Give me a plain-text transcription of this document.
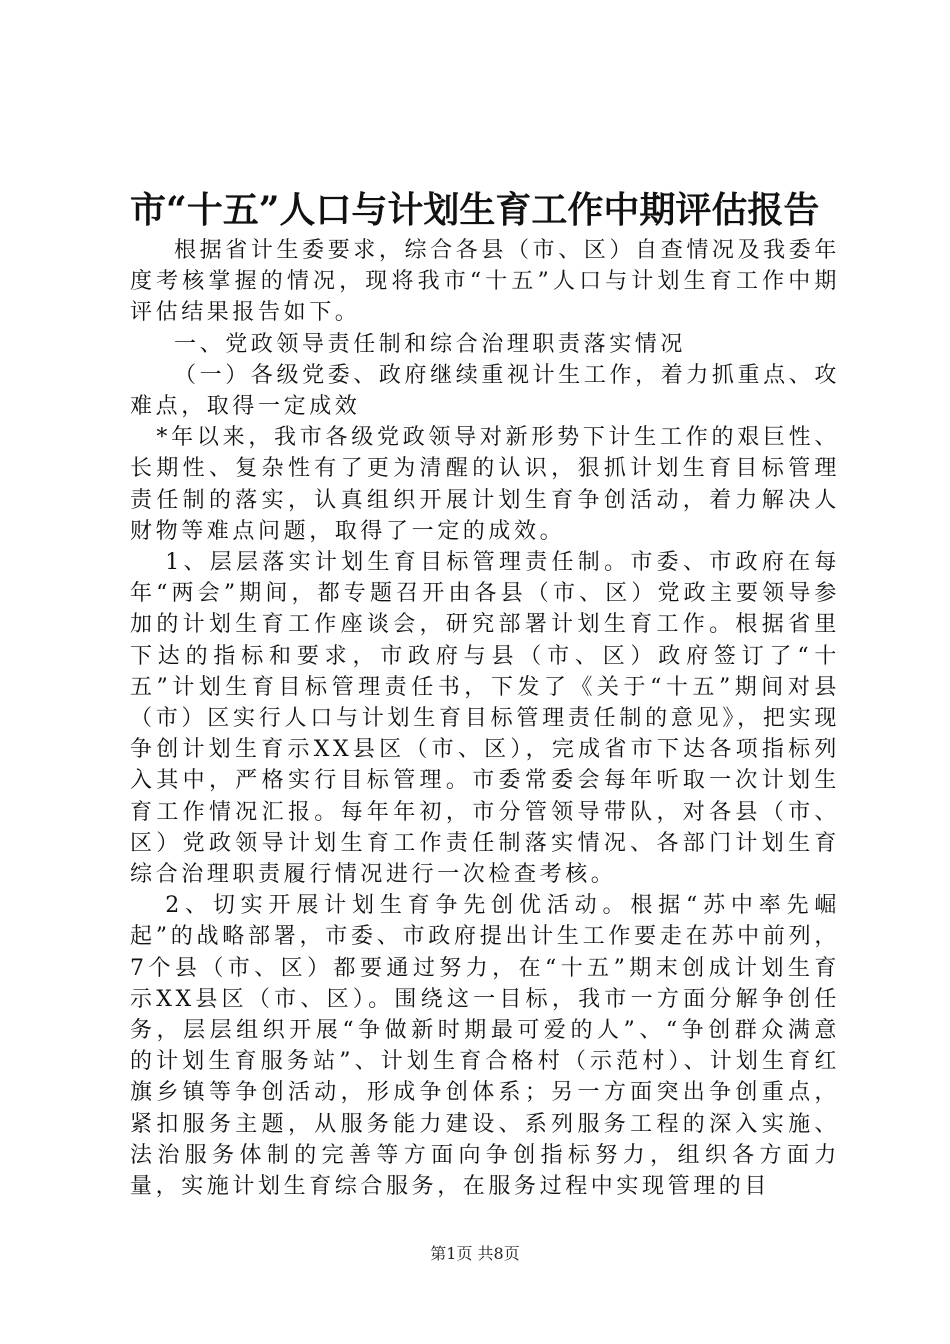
市“十五”人口与计划生育工作中期评估报告

根据省计生委要求，综合各县（市、区）自查情况及我委年度考核掌握的情况，现将我市“十五”人口与计划生育工作中期评估结果报告如下。

一、党政领导责任制和综合治理职责落实情况

（一）各级党委、政府继续重视计生工作，着力抓重点、攻难点，取得一定成效

*年以来，我市各级党政领导对新形势下计生工作的艰巨性、长期性、复杂性有了更为清醒的认识，狠抓计划生育目标管理责任制的落实，认真组织开展计划生育争创活动，着力解决人财物等难点问题，取得了一定的成效。

1、层层落实计划生育目标管理责任制。市委、市政府在每年“两会”期间，都专题召开由各县（市、区）党政主要领导参加的计划生育工作座谈会，研究部署计划生育工作。根据省里下达的指标和要求，市政府与县（市、区）政府签订了“十五”计划生育目标管理责任书，下发了《关于“十五”期间对县（市）区实行人口与计划生育目标管理责任制的意见》，把实现争创计划生育示XX县区（市、区），完成省市下达各项指标列入其中，严格实行目标管理。市委常委会每年听取一次计划生育工作情况汇报。每年年初，市分管领导带队，对各县（市、区）党政领导计划生育工作责任制落实情况、各部门计划生育综合治理职责履行情况进行一次检查考核。

2、切实开展计划生育争先创优活动。根据“苏中率先崛起”的战略部署，市委、市政府提出计生工作要走在苏中前列，7个县（市、区）都要通过努力，在“十五”期末创成计划生育示XX县区（市、区）。围绕这一目标，我市一方面分解争创任务，层层组织开展“争做新时期最可爱的人”、“争创群众满意的计划生育服务站”、计划生育合格村（示范村）、计划生育红旗乡镇等争创活动，形成争创体系；另一方面突出争创重点，紧扣服务主题，从服务能力建设、系列服务工程的深入实施、法治服务体制的完善等方面向争创指标努力，组织各方面力量，实施计划生育综合服务，在服务过程中实现管理的目

第1页 共8页
